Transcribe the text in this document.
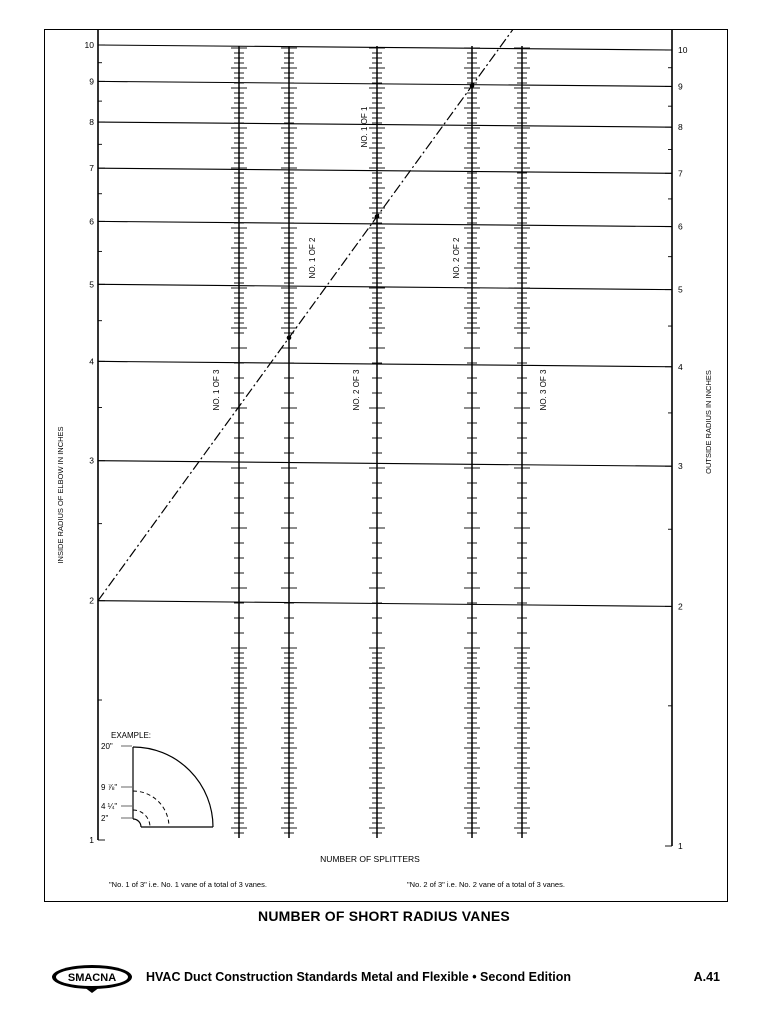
EXAMPLE:
20"
9 ⅞"
4 ¼"
2"
1
2
3
4
5
6
7
8
9
10
1
2
3
4
5
6
7
8
9
10
INSIDE RADIUS OF ELBOW IN INCHES
OUTSIDE RADIUS IN INCHES
NO. 1 OF 3
NO. 1 OF 2
NO. 1 OF 1
NO. 2 OF 3
NO. 2 OF 2
NO. 3 OF 3
NUMBER OF SPLITTERS
"No. 1 of 3" i.e. No. 1 vane of a total of 3 vanes.	"No. 2 of 3" i.e. No. 2 vane of a total of 3 vanes.
NUMBER OF SHORT RADIUS VANES
SMACNA HVAC Duct Construction Standards Metal and Flexible • Second Edition	A.41
